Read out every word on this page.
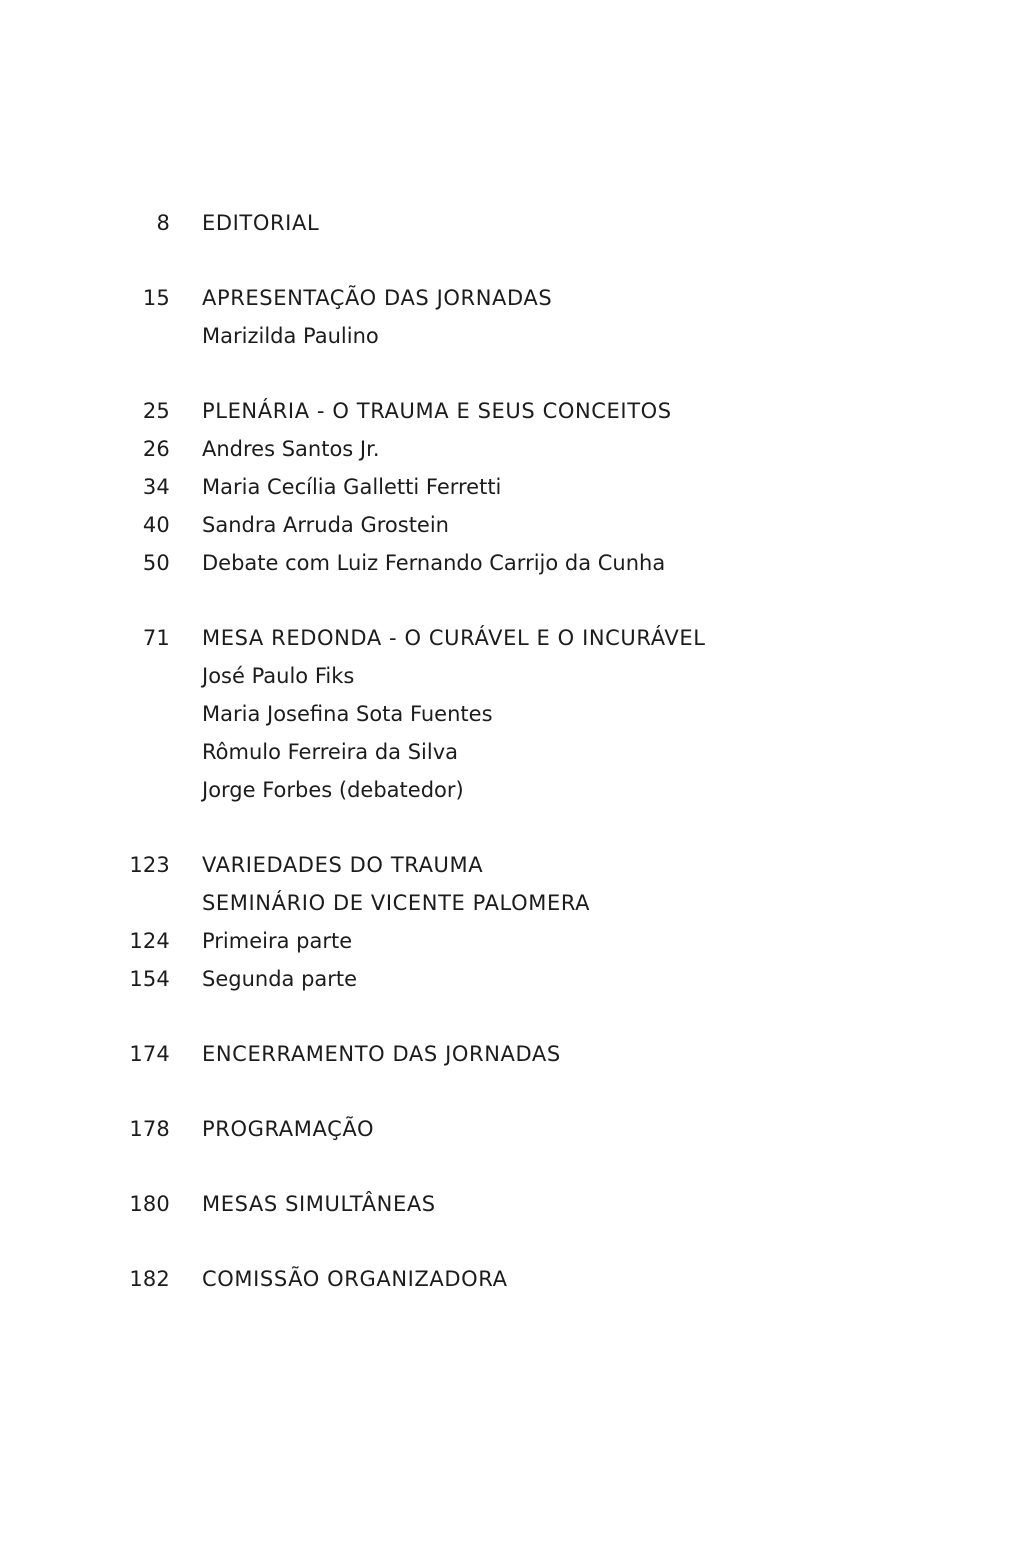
8 EDITORIAL
15 APRESENTAÇÃO DAS JORNADAS
Marizilda Paulino
25 PLENÁRIA - O TRAUMA E SEUS CONCEITOS
26 Andres Santos Jr.
34 Maria Cecília Galletti Ferretti
40 Sandra Arruda Grostein
50 Debate com Luiz Fernando Carrijo da Cunha
71 MESA REDONDA - O CURÁVEL E O INCURÁVEL
José Paulo Fiks
Maria Josefina Sota Fuentes
Rômulo Ferreira da Silva
Jorge Forbes (debatedor)
123 VARIEDADES DO TRAUMA
SEMINÁRIO DE VICENTE PALOMERA
124 Primeira parte
154 Segunda parte
174 ENCERRAMENTO DAS JORNADAS
178 PROGRAMAÇÃO
180 MESAS SIMULTÂNEAS
182 COMISSÃO ORGANIZADORA
